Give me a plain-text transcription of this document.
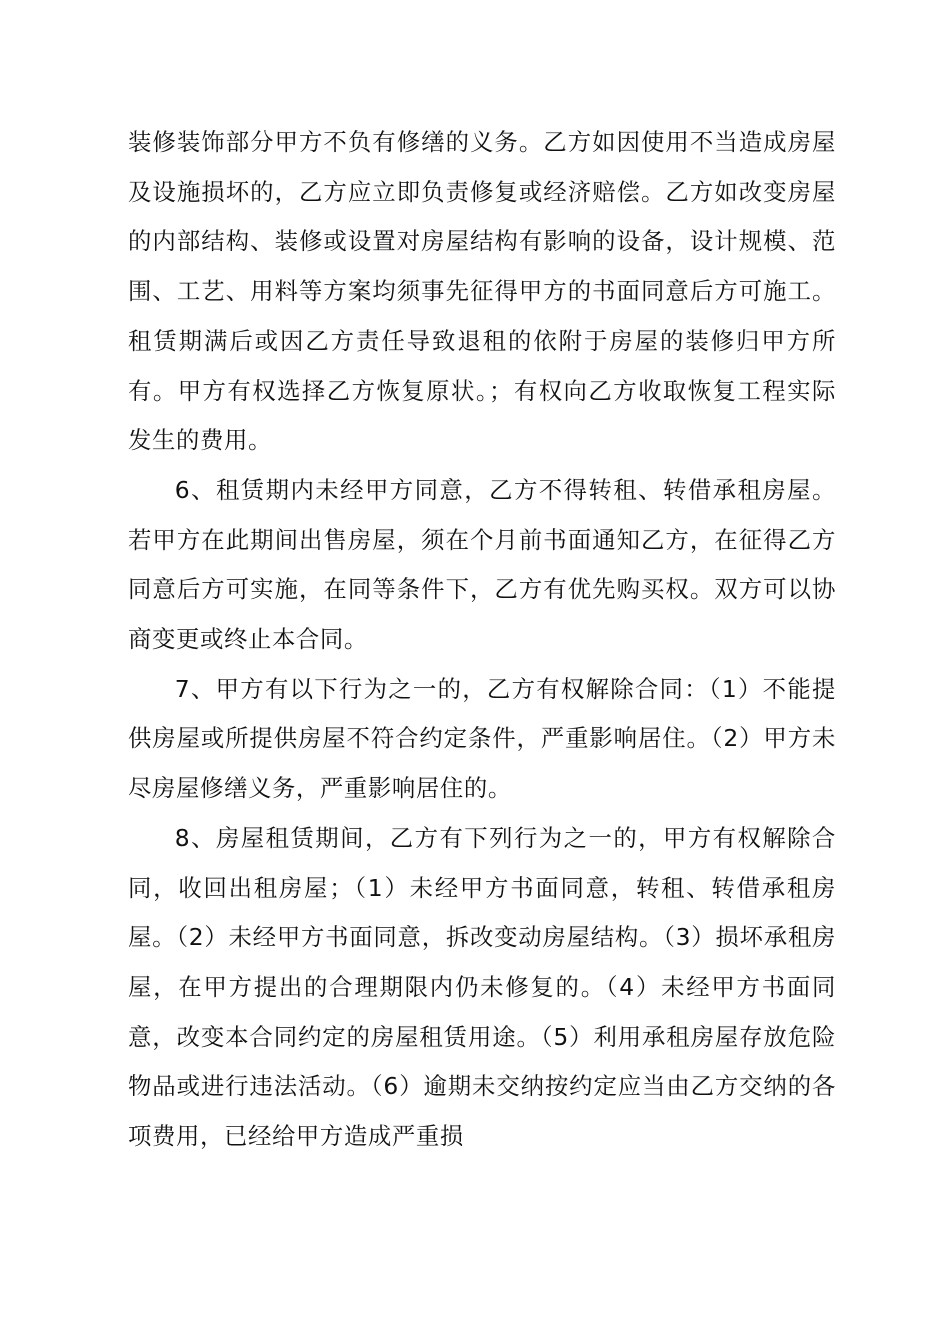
装修装饰部分甲方不负有修缮的义务。乙方如因使用不当造成房屋及设施损坏的，乙方应立即负责修复或经济赔偿。乙方如改变房屋的内部结构、装修或设置对房屋结构有影响的设备，设计规模、范围、工艺、用料等方案均须事先征得甲方的书面同意后方可施工。租赁期满后或因乙方责任导致退租的依附于房屋的装修归甲方所有。甲方有权选择乙方恢复原状。；有权向乙方收取恢复工程实际发生的费用。

6、租赁期内未经甲方同意，乙方不得转租、转借承租房屋。若甲方在此期间出售房屋，须在个月前书面通知乙方，在征得乙方同意后方可实施，在同等条件下，乙方有优先购买权。双方可以协商变更或终止本合同。

7、甲方有以下行为之一的，乙方有权解除合同：（1）不能提供房屋或所提供房屋不符合约定条件，严重影响居住。（2）甲方未尽房屋修缮义务，严重影响居住的。

8、房屋租赁期间，乙方有下列行为之一的，甲方有权解除合同，收回出租房屋；（1）未经甲方书面同意，转租、转借承租房屋。（2）未经甲方书面同意，拆改变动房屋结构。（3）损坏承租房屋，在甲方提出的合理期限内仍未修复的。（4）未经甲方书面同意，改变本合同约定的房屋租赁用途。（5）利用承租房屋存放危险物品或进行违法活动。（6）逾期未交纳按约定应当由乙方交纳的各项费用，已经给甲方造成严重损
